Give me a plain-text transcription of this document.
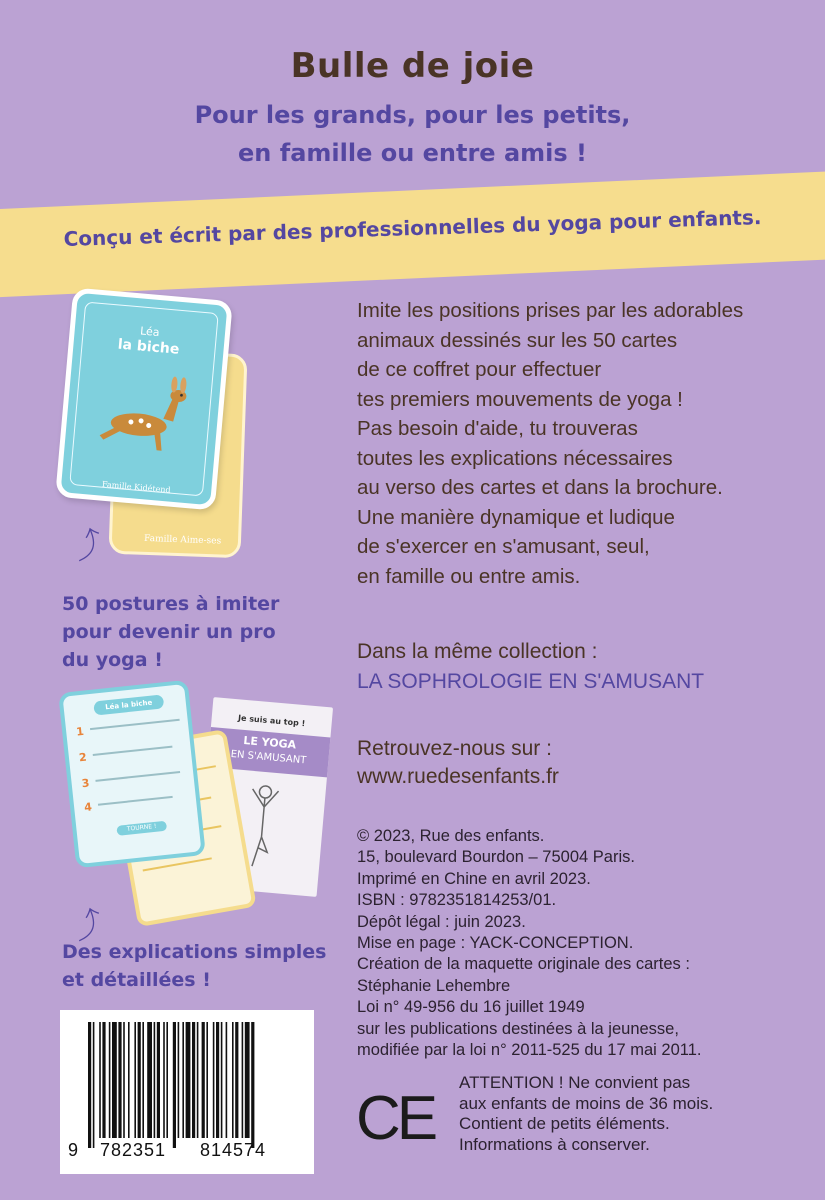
Bulle de joie
Pour les grands, pour les petits,
en famille ou entre amis !
Conçu et écrit par des professionnelles du yoga pour enfants.
Famille Aime-ses
Léa
la biche
Famille Kidétend
⤴
50 postures à imiter
pour devenir un pro
du yoga !
Je suis au top !
LE YOGA
EN S'AMUSANT
Léa la biche
1
2
3
4
TOURNE !
⤴
Des explications simples
et détaillées !
Imite les positions prises par les adorables
animaux dessinés sur les 50 cartes
de ce coffret pour effectuer
tes premiers mouvements de yoga !
Pas besoin d'aide, tu trouveras
toutes les explications nécessaires
au verso des cartes et dans la brochure.
Une manière dynamique et ludique
de s'exercer en s'amusant, seul,
en famille ou entre amis.
Dans la même collection :
LA SOPHROLOGIE EN S'AMUSANT
Retrouvez-nous sur :
www.ruedesenfants.fr
© 2023, Rue des enfants.
15, boulevard Bourdon – 75004 Paris.
Imprimé en Chine en avril 2023.
ISBN : 9782351814253/01.
Dépôt légal : juin 2023.
Mise en page : YACK-CONCEPTION.
Création de la maquette originale des cartes :
Stéphanie Lehembre
Loi n° 49-956 du 16 juillet 1949
sur les publications destinées à la jeunesse,
modifiée par la loi n° 2011-525 du 17 mai 2011.
9 782351 814574 CE
ATTENTION ! Ne convient pas
aux enfants de moins de 36 mois.
Contient de petits éléments.
Informations à conserver.
